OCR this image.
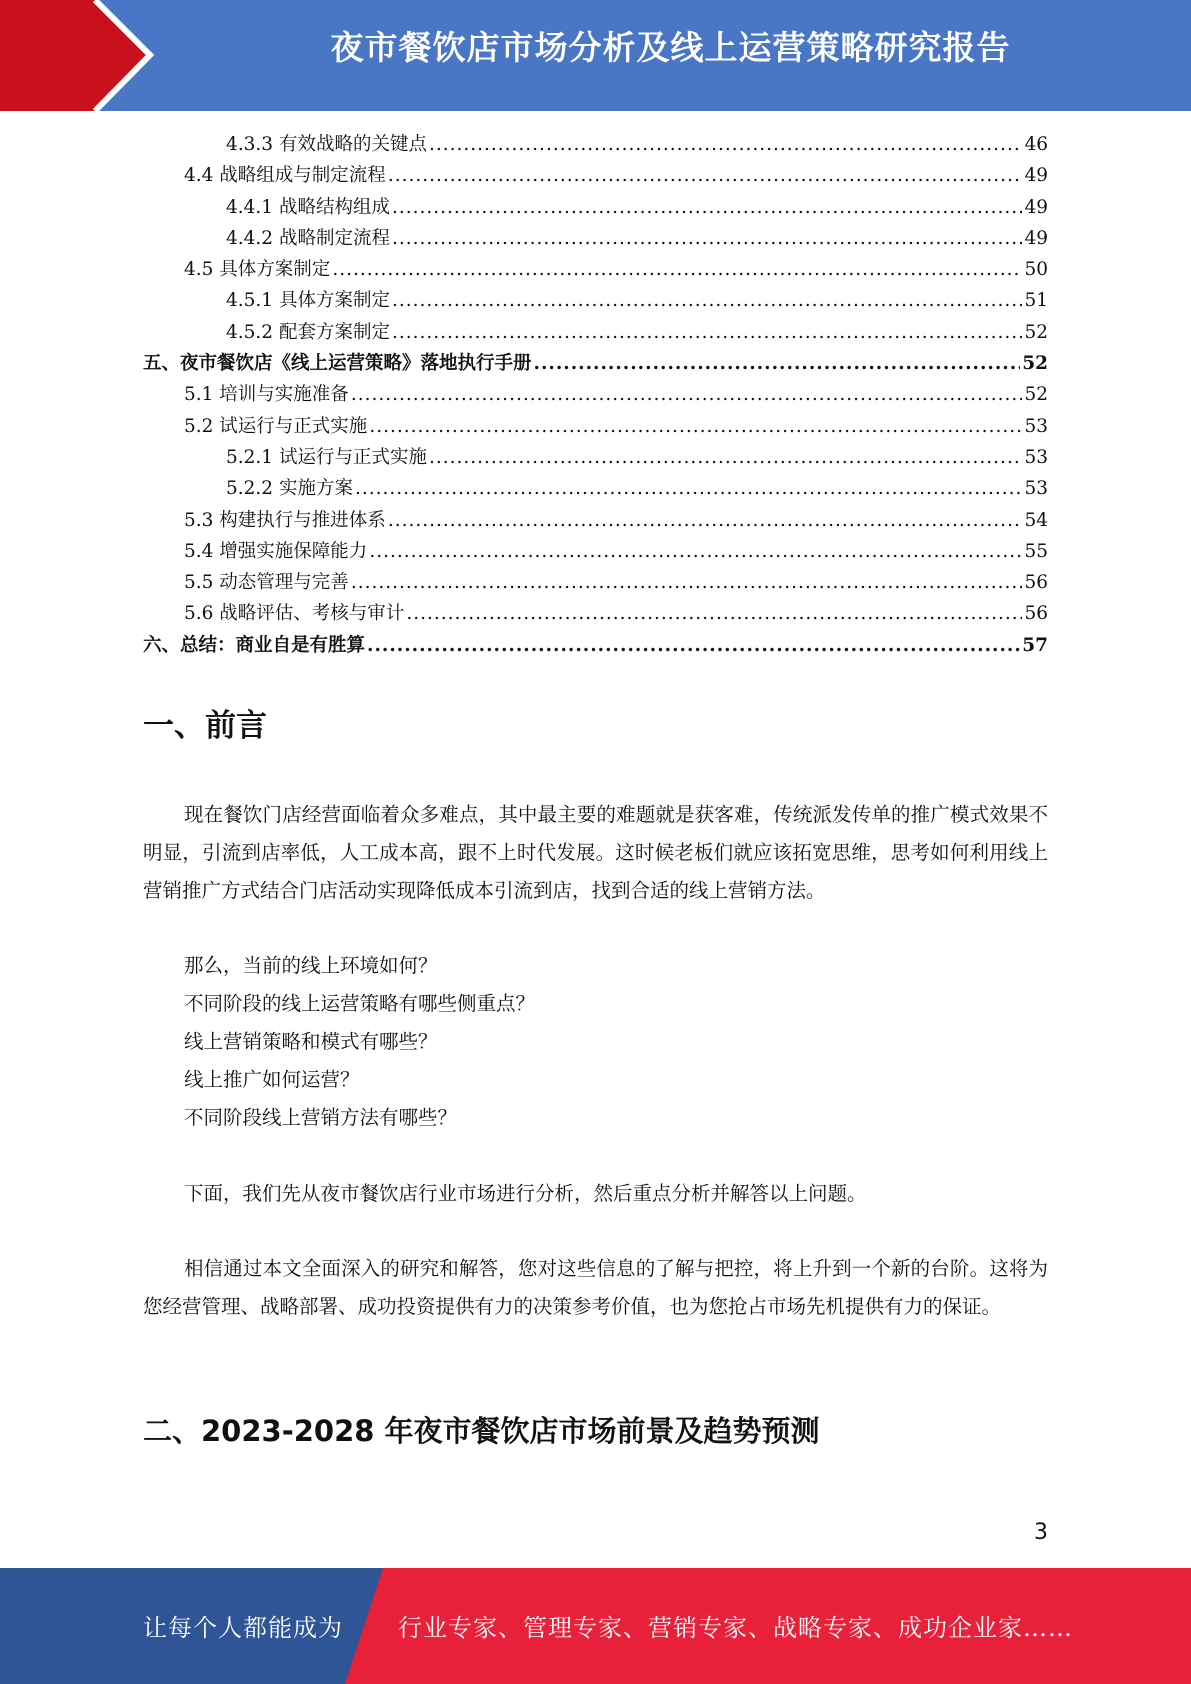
夜市餐饮店市场分析及线上运营策略研究报告
4.3.3 有效战略的关键点 .....	46
4.4 战略组成与制定流程 .....	49
4.4.1 战略结构组成 .....	49
4.4.2 战略制定流程 .....	49
4.5 具体方案制定 .....	50
4.5.1 具体方案制定 .....	51
4.5.2 配套方案制定 .....	52
五、夜市餐饮店《线上运营策略》落地执行手册 .....	52
5.1 培训与实施准备 .....	52
5.2 试运行与正式实施 .....	53
5.2.1 试运行与正式实施 .....	53
5.2.2 实施方案 .....	53
5.3 构建执行与推进体系 .....	54
5.4 增强实施保障能力 .....	55
5.5 动态管理与完善 .....	56
5.6 战略评估、考核与审计 .....	56
六、总结：商业自是有胜算 .....	57
一、前言

现在餐饮门店经营面临着众多难点，其中最主要的难题就是获客难，传统派发传单的推广模式效果不明显，引流到店率低，人工成本高，跟不上时代发展。这时候老板们就应该拓宽思维，思考如何利用线上营销推广方式结合门店活动实现降低成本引流到店，找到合适的线上营销方法。

那么，当前的线上环境如何？
不同阶段的线上运营策略有哪些侧重点？
线上营销策略和模式有哪些？
线上推广如何运营？
不同阶段线上营销方法有哪些？

下面，我们先从夜市餐饮店行业市场进行分析，然后重点分析并解答以上问题。

相信通过本文全面深入的研究和解答，您对这些信息的了解与把控，将上升到一个新的台阶。这将为您经营管理、战略部署、成功投资提供有力的决策参考价值，也为您抢占市场先机提供有力的保证。

二、2023-2028 年夜市餐饮店市场前景及趋势预测
3
让每个人都能成为 行业专家、管理专家、营销专家、战略专家、成功企业家……
